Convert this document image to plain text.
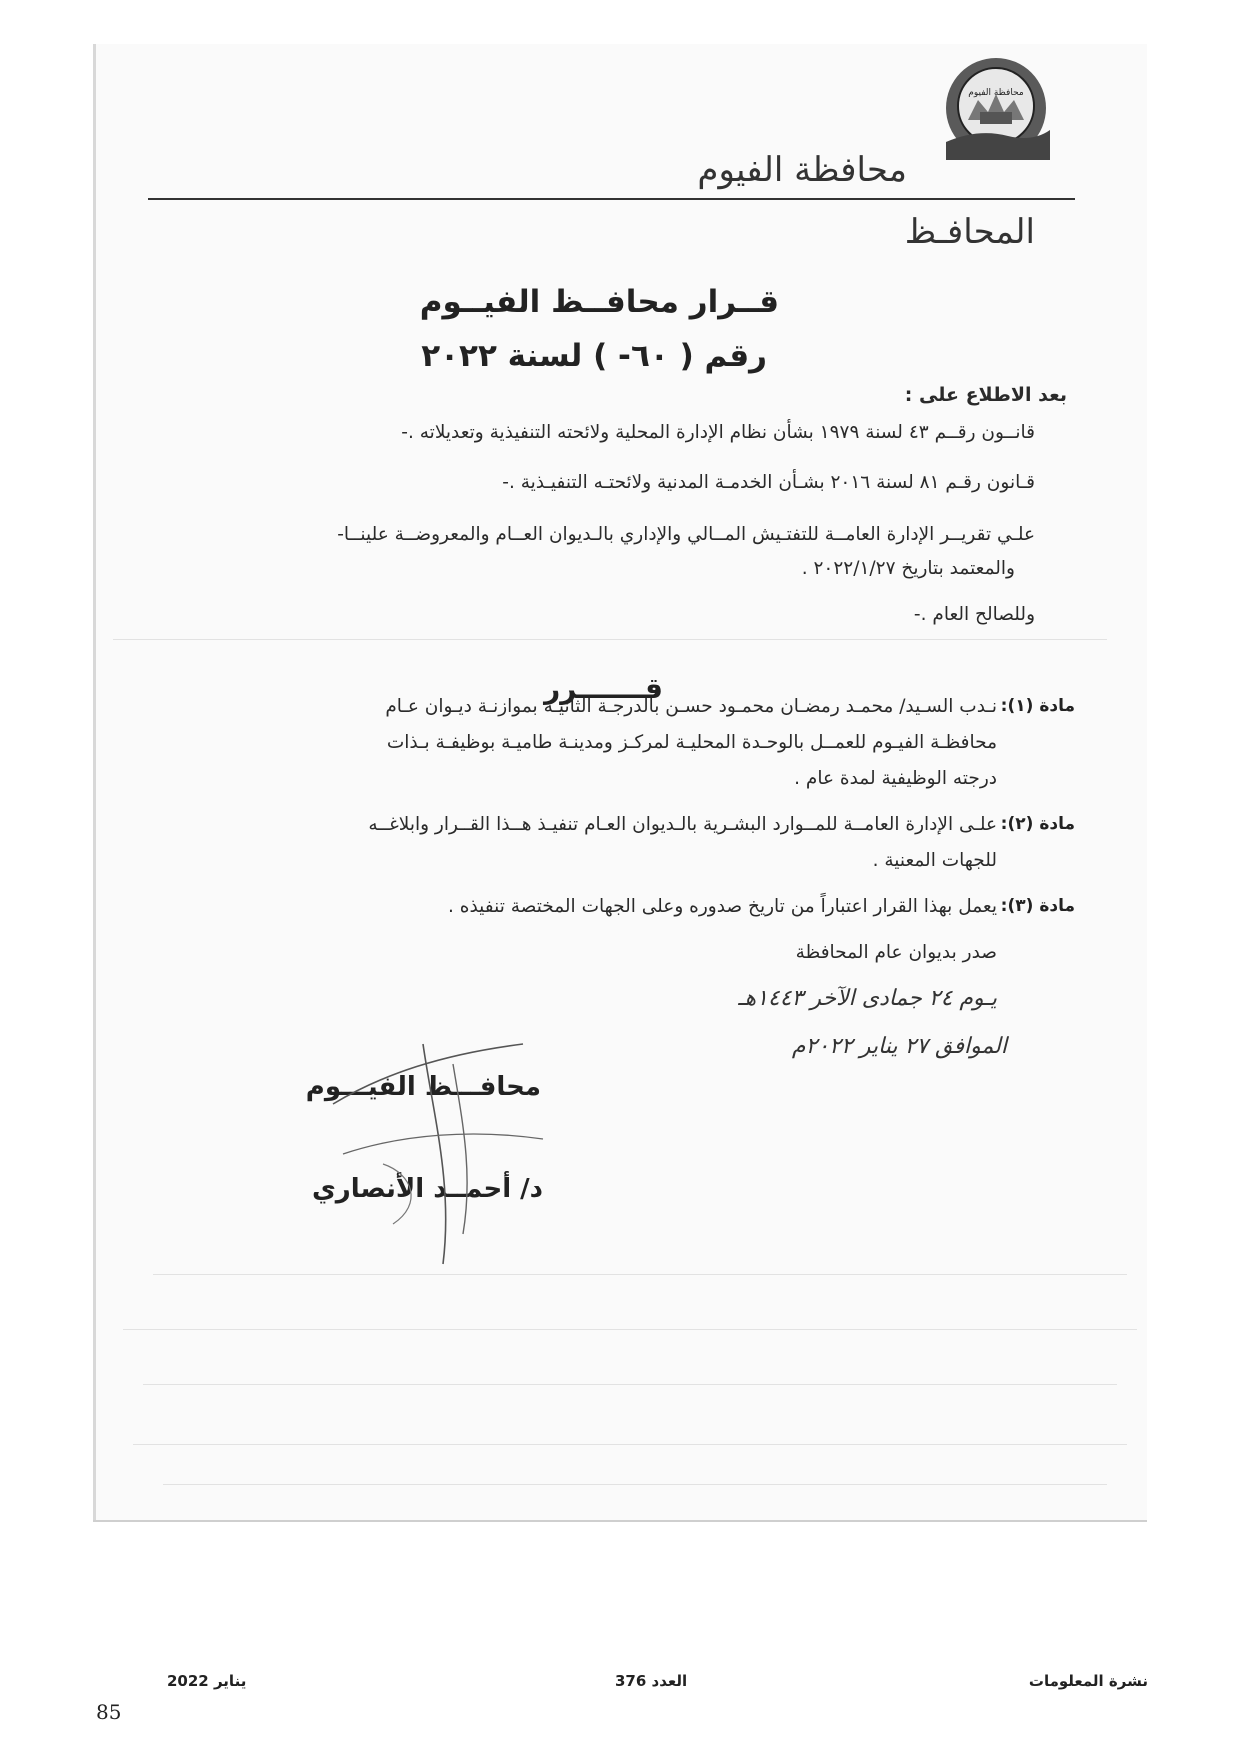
محافظة الفيوم
محافظة الفيوم
المحافـظ
قــرار محافــظ الفيــوم
رقم ( ٦٠- ) لسنة ٢٠٢٢
بعد الاطلاع على :
قانــون رقــم ٤٣ لسنة ١٩٧٩ بشأن نظام الإدارة المحلية ولائحته التنفيذية وتعديلاته .-
قـانون رقـم ٨١ لسنة ٢٠١٦ بشـأن الخدمـة المدنية ولائحتـه التنفيـذية .-
علـي تقريــر الإدارة العامــة للتفتـيش المــالي والإداري بالـديوان العــام والمعروضــة علينــا-
والمعتمد بتاريخ ٢٠٢٢/١/٢٧ .
وللصالح العام .-
قـــــــرر
مادة (١):
نـدب السـيد/ محمـد رمضـان محمـود حسـن بالدرجـة الثانيـة بموازنـة ديـوان عـام
محافظـة الفيـوم للعمــل بالوحـدة المحليـة لمركـز ومدينـة طاميـة بوظيفـة بـذات
درجته الوظيفية لمدة عام .
مادة (٢):
علـى الإدارة العامــة للمــوارد البشـرية بالـديوان العـام تنفيـذ هــذا القــرار وابلاغــه
للجهات المعنية .
مادة (٣):
يعمل بهذا القرار اعتباراً من تاريخ صدوره وعلى الجهات المختصة تنفيذه .
صدر بديوان عام المحافظة
يـوم ٢٤ جمادى الآخر ١٤٤٣هـ
الموافق ٢٧ يناير ٢٠٢٢م
محافـــظ الفيـــوم
د/ أحمــد الأنصاري
نشرة المعلومات
العدد 376
يناير 2022
85
